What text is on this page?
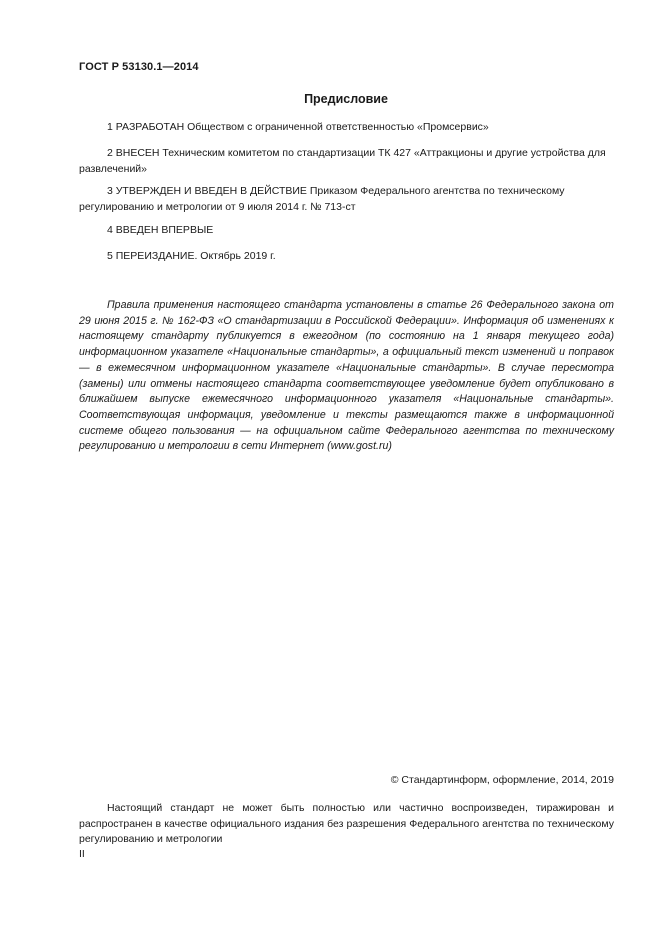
ГОСТ Р 53130.1—2014
Предисловие

1 РАЗРАБОТАН Обществом с ограниченной ответственностью «Промсервис»

2 ВНЕСЕН Техническим комитетом по стандартизации ТК 427 «Аттракционы и другие устройства для развлечений»

3 УТВЕРЖДЕН И ВВЕДЕН В ДЕЙСТВИЕ Приказом Федерального агентства по техническому регулированию и метрологии от 9 июля 2014 г. № 713-ст

4 ВВЕДЕН ВПЕРВЫЕ

5 ПЕРЕИЗДАНИЕ. Октябрь 2019 г.

Правила применения настоящего стандарта установлены в статье 26 Федерального закона от 29 июня 2015 г. № 162-ФЗ «О стандартизации в Российской Федерации». Информация об изменениях к настоящему стандарту публикуется в ежегодном (по состоянию на 1 января текущего года) информационном указателе «Национальные стандарты», а официальный текст изменений и поправок — в ежемесячном информационном указателе «Национальные стандарты». В случае пересмотра (замены) или отмены настоящего стандарта соответствующее уведомление будет опубликовано в ближайшем выпуске ежемесячного информационного указателя «Национальные стандарты». Соответствующая информация, уведомление и тексты размещаются также в информационной системе общего пользования — на официальном сайте Федерального агентства по техническому регулированию и метрологии в сети Интернет (www.gost.ru)

© Стандартинформ, оформление, 2014, 2019

Настоящий стандарт не может быть полностью или частично воспроизведен, тиражирован и распространен в качестве официального издания без разрешения Федерального агентства по техническому регулированию и метрологии

II
